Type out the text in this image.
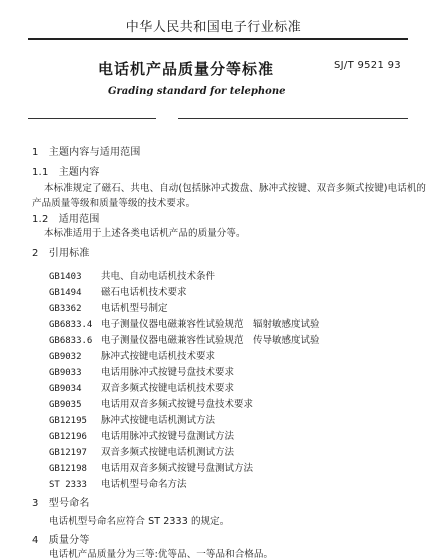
中华人民共和国电子行业标准
电话机产品质量分等标准	SJ/T 9521 93
Grading standard for telephone
1　 主题内容与适用范围
1.1　 主题内容
本标准规定了磁石、共电、自动(包括脉冲式拨盘、脉冲式按键、双音多频式按键)电话机的
产品质量等级和质量等级的技术要求。
1.2　 适用范围
本标准适用于上述各类电话机产品的质量分等。
2　 引用标准
GB1403 共电、自动电话机技术条件
GB1494 磁石电话机技术要求
GB3362 电话机型号制定
GB6833.4 电子测量仪器电磁兼容性试验规范　辐射敏感度试验
GB6833.6 电子测量仪器电磁兼容性试验规范　传导敏感度试验
GB9032 脉冲式按键电话机技术要求
GB9033 电话用脉冲式按键号盘技术要求
GB9034 双音多频式按键电话机技术要求
GB9035 电话用双音多频式按键号盘技术要求
GB12195 脉冲式按键电话机测试方法
GB12196 电话用脉冲式按键号盘测试方法
GB12197 双音多频式按键电话机测试方法
GB12198 电话用双音多频式按键号盘测试方法
ST 2333 电话机型号命名方法
3　 型号命名
电话机型号命名应符合 ST 2333 的规定。
4　 质量分等
电话机产品质量分为三等:优等品、一等品和合格品。
